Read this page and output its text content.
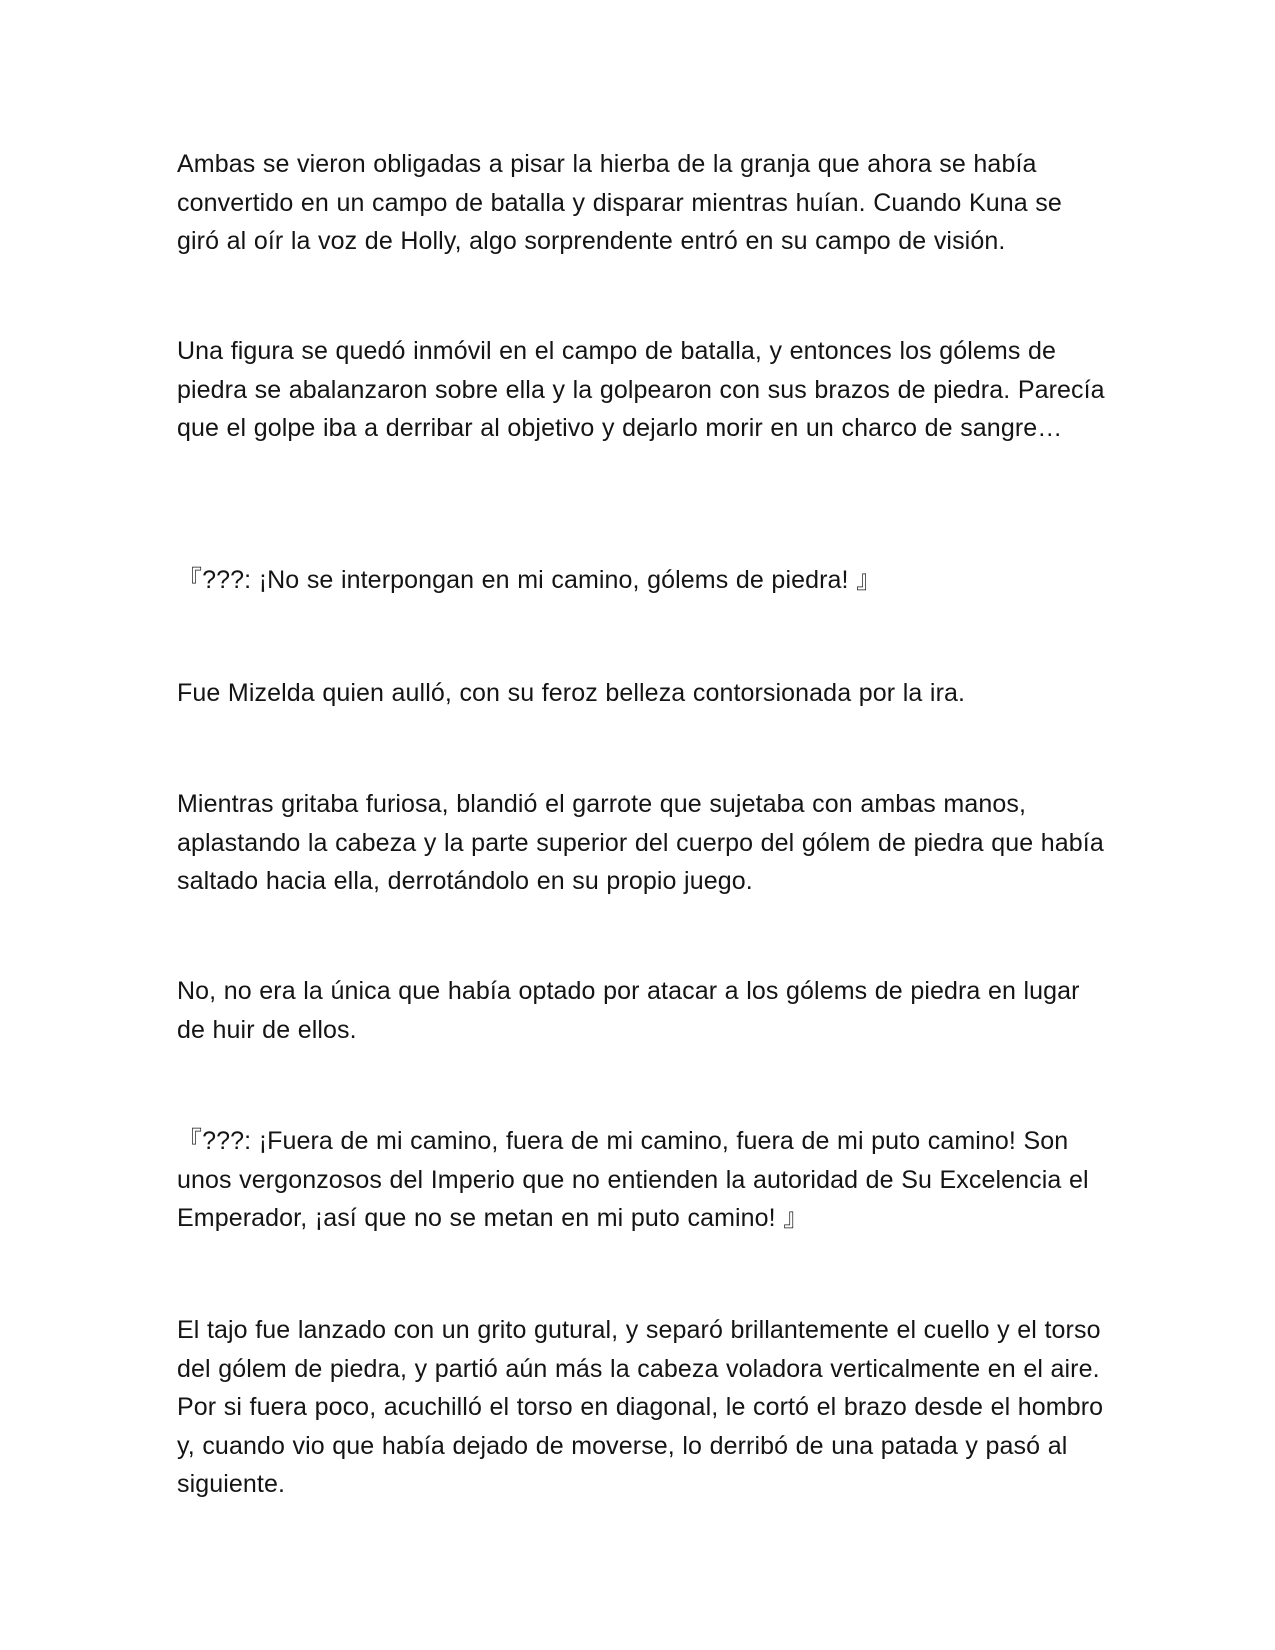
Ambas se vieron obligadas a pisar la hierba de la granja que ahora se había convertido en un campo de batalla y disparar mientras huían. Cuando Kuna se giró al oír la voz de Holly, algo sorprendente entró en su campo de visión.

Una figura se quedó inmóvil en el campo de batalla, y entonces los gólems de piedra se abalanzaron sobre ella y la golpearon con sus brazos de piedra. Parecía que el golpe iba a derribar al objetivo y dejarlo morir en un charco de sangre…

『???: ¡No se interpongan en mi camino, gólems de piedra! 』

Fue Mizelda quien aulló, con su feroz belleza contorsionada por la ira.

Mientras gritaba furiosa, blandió el garrote que sujetaba con ambas manos, aplastando la cabeza y la parte superior del cuerpo del gólem de piedra que había saltado hacia ella, derrotándolo en su propio juego.

No, no era la única que había optado por atacar a los gólems de piedra en lugar de huir de ellos.

『???: ¡Fuera de mi camino, fuera de mi camino, fuera de mi puto camino! Son unos vergonzosos del Imperio que no entienden la autoridad de Su Excelencia el Emperador, ¡así que no se metan en mi puto camino! 』

El tajo fue lanzado con un grito gutural, y separó brillantemente el cuello y el torso del gólem de piedra, y partió aún más la cabeza voladora verticalmente en el aire. Por si fuera poco, acuchilló el torso en diagonal, le cortó el brazo desde el hombro y, cuando vio que había dejado de moverse, lo derribó de una patada y pasó al siguiente.
